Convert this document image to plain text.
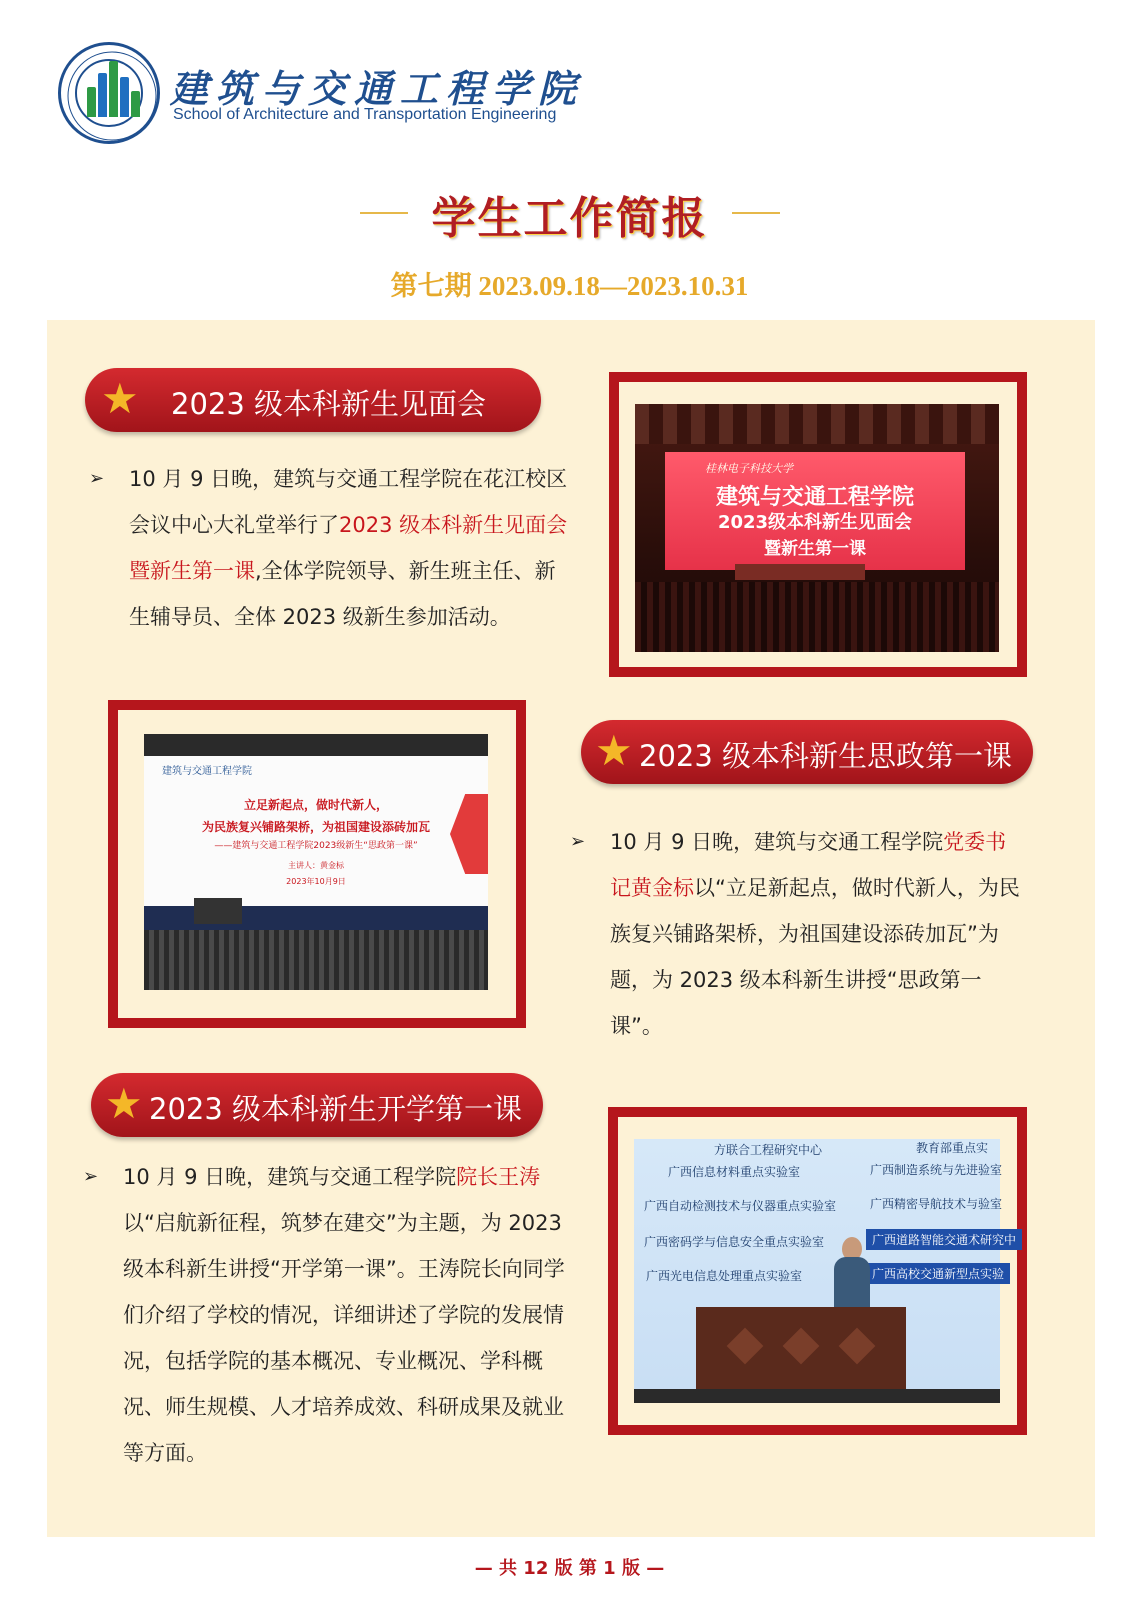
建筑与交通工程学院
School of Architecture and Transportation Engineering
学生工作简报
第七期 2023.09.18—2023.10.31
★ 2023 级本科新生见面会
➢ 10 月 9 日晚，建筑与交通工程学院在花江校区会议中心大礼堂举行了2023 级本科新生见面会暨新生第一课,全体学院领导、新生班主任、新生辅导员、全体 2023 级新生参加活动。
桂林电子科技大学
建筑与交通工程学院
2023级本科新生见面会
暨新生第一课
建筑与交通工程学院
立足新起点，做时代新人，
为民族复兴铺路架桥，为祖国建设添砖加瓦
——建筑与交通工程学院2023级新生“思政第一课”
主讲人：黄金标
2023年10月9日
★ 2023 级本科新生思政第一课
➢ 10 月 9 日晚，建筑与交通工程学院党委书记黄金标以“立足新起点，做时代新人，为民族复兴铺路架桥，为祖国建设添砖加瓦”为题，为 2023 级本科新生讲授“思政第一课”。
★ 2023 级本科新生开学第一课
➢ 10 月 9 日晚，建筑与交通工程学院院长王涛以“启航新征程，筑梦在建交”为主题，为 2023 级本科新生讲授“开学第一课”。王涛院长向同学们介绍了学校的情况，详细讲述了学院的发展情况，包括学院的基本概况、专业概况、学科概况、师生规模、人才培养成效、科研成果及就业等方面。
方联合工程研究中心
广西信息材料重点实验室
广西自动检测技术与仪器重点实验室
广西密码学与信息安全重点实验室
广西光电信息处理重点实验室
教育部重点实
广西制造系统与先进验室
广西精密导航技术与验室
广西道路智能交通术研究中
广西高校交通新型点实验
— 共 12 版 第 1 版 —
